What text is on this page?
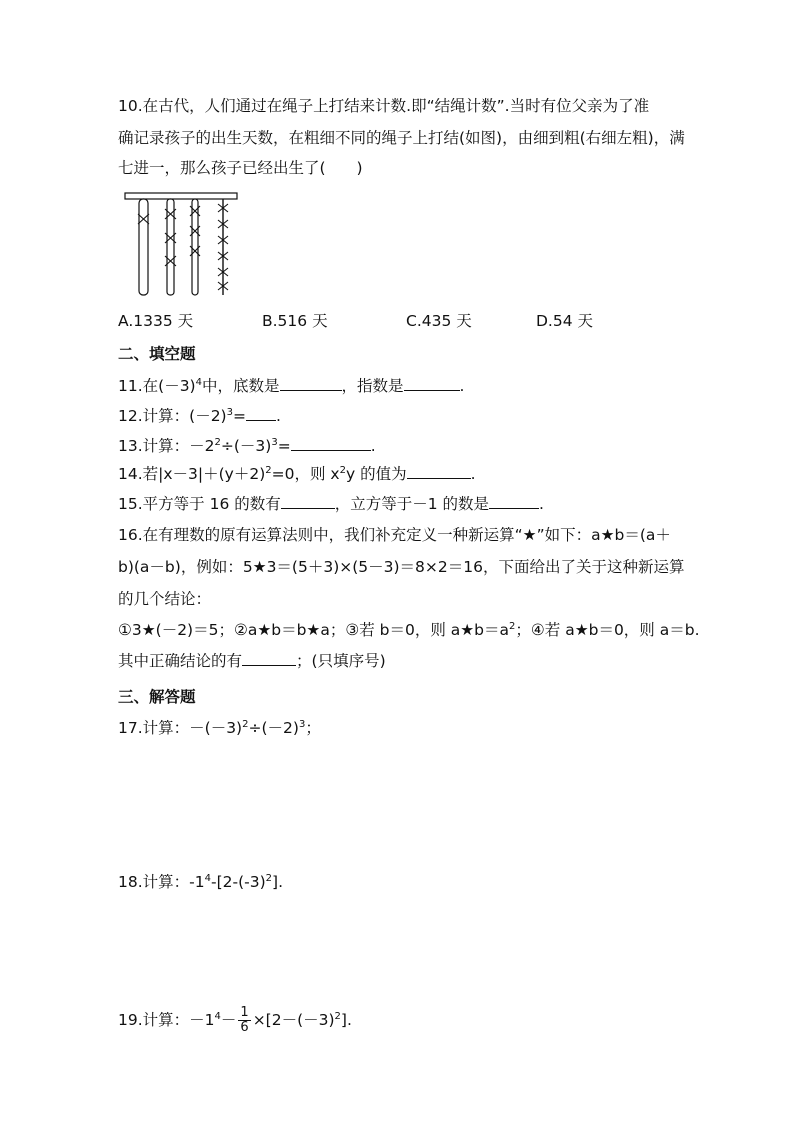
10.在古代，人们通过在绳子上打结来计数.即“结绳计数”.当时有位父亲为了准
确记录孩子的出生天数，在粗细不同的绳子上打结(如图)，由细到粗(右细左粗)，满
七进一，那么孩子已经出生了(　　)
A.1335 天	B.516 天	C.435 天	D.54 天
二、填空题
11.在$(-3)^4$中，底数是	，指数是	.
12.计算：$(-2)^3=$ .
13.计算：$-2^2\div(-3)^3=$	.
14.若$|x-3|+(y+2)^2=0$，则 $x^2y$ 的值为	.
15.平方等于 16 的数有	，立方等于－1 的数是	.
16.在有理数的原有运算法则中，我们补充定义一种新运算“★”如下：a★b＝(a＋
b)(a－b)，例如：5★3＝(5＋3)×(5－3)＝8×2＝16，下面给出了关于这种新运算
的几个结论：
①3★(－2)＝5；②a★b＝b★a；③若 b＝0，则 $a★b=a^2$；④若 a★b＝0，则 a＝b.
其中正确结论的有	；(只填序号)
三、解答题
17.计算：$-(-3)^2\div(-2)^3$；
18.计算：$-1^4-[2-(-3)^2]$.
19.计算：$-1^4- \frac{1}{6} \times[2-(-3)^2]$.
